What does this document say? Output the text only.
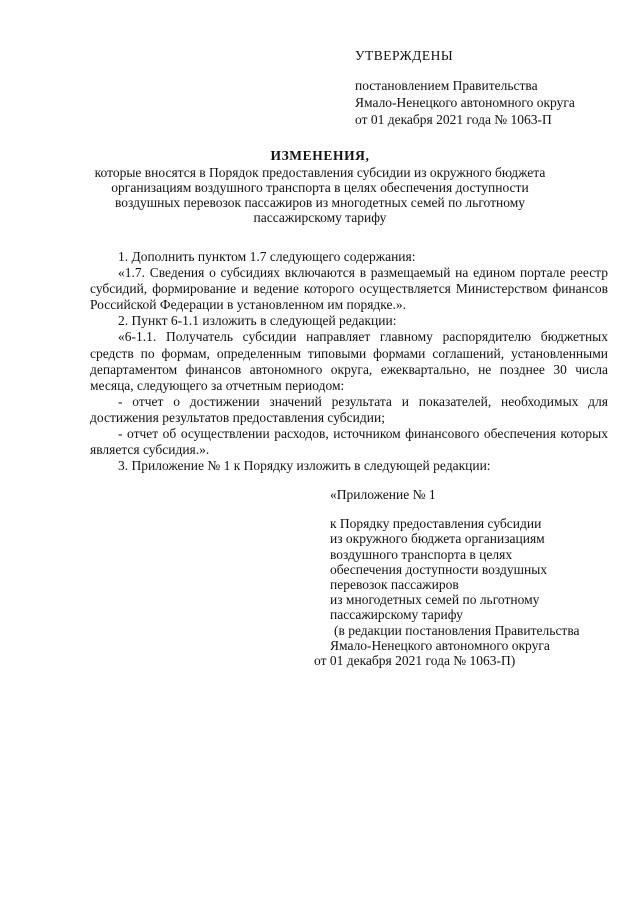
УТВЕРЖДЕНЫ
постановлением Правительства
Ямало-Ненецкого автономного округа
от 01 декабря 2021 года № 1063-П
ИЗМЕНЕНИЯ,
которые вносятся в Порядок предоставления субсидии из окружного бюджета
организациям воздушного транспорта в целях обеспечения доступности
воздушных перевозок пассажиров из многодетных семей по льготному
пассажирскому тарифу

1. Дополнить пунктом 1.7 следующего содержания:

«1.7. Сведения о субсидиях включаются в размещаемый на едином портале реестр субсидий, формирование и ведение которого осуществляется Министерством финансов Российской Федерации в установленном им порядке.».

2. Пункт 6-1.1 изложить в следующей редакции:

«6-1.1. Получатель субсидии направляет главному распорядителю бюджетных средств по формам, определенным типовыми формами соглашений, установленными департаментом финансов автономного округа, ежеквартально, не позднее 30 числа месяца, следующего за отчетным периодом:

- отчет о достижении значений результата и показателей, необходимых для достижения результатов предоставления субсидии;

- отчет об осуществлении расходов, источником финансового обеспечения которых является субсидия.».

3. Приложение № 1 к Порядку изложить в следующей редакции:

«Приложение № 1
к Порядку предоставления субсидии
из окружного бюджета организациям
воздушного транспорта в целях
обеспечения доступности воздушных
перевозок пассажиров
из многодетных семей по льготному
пассажирскому тарифу
(в редакции постановления Правительства
Ямало-Ненецкого автономного округа
от 01 декабря 2021 года № 1063-П)
